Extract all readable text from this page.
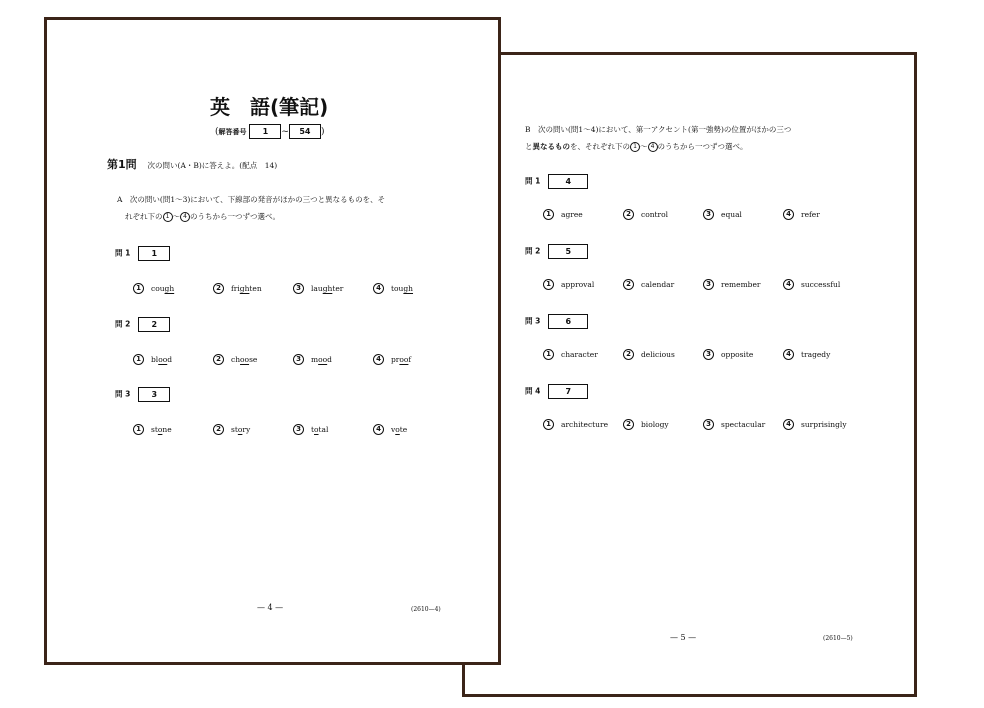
B　次の問い(問1〜4)において、第一アクセント(第一強勢)の位置がほかの三つ
と異なるものを、それぞれ下の 1 〜 4 のうちから一つずつ選べ。
問 1	4
1	agree	2	control	3	equal	4	refer
問 2	5
1	approval	2	calendar	3	remember	4	successful
問 3	6
1	character	2	delicious	3	opposite	4	tragedy
問 4	7
1	architecture	2	biology	3	spectacular	4	surprisingly
— 5 —	(2610—5)
英　語(筆記)
(解答番号 1 ~ 54 )
第1問 次の問い(A・B)に答えよ。(配点　14)
A　次の問い(問1〜3)において、下線部の発音がほかの三つと異なるものを、そ
れぞれ下の 1 〜 4 のうちから一つずつ選べ。
問 1	1
1	cough	2	frighten	3	laughter	4	tough
問 2	2
1	blood	2	choose	3	mood	4	proof
問 3	3
1	stone	2	story	3	total	4	vote
— 4 —	(2610—4)
